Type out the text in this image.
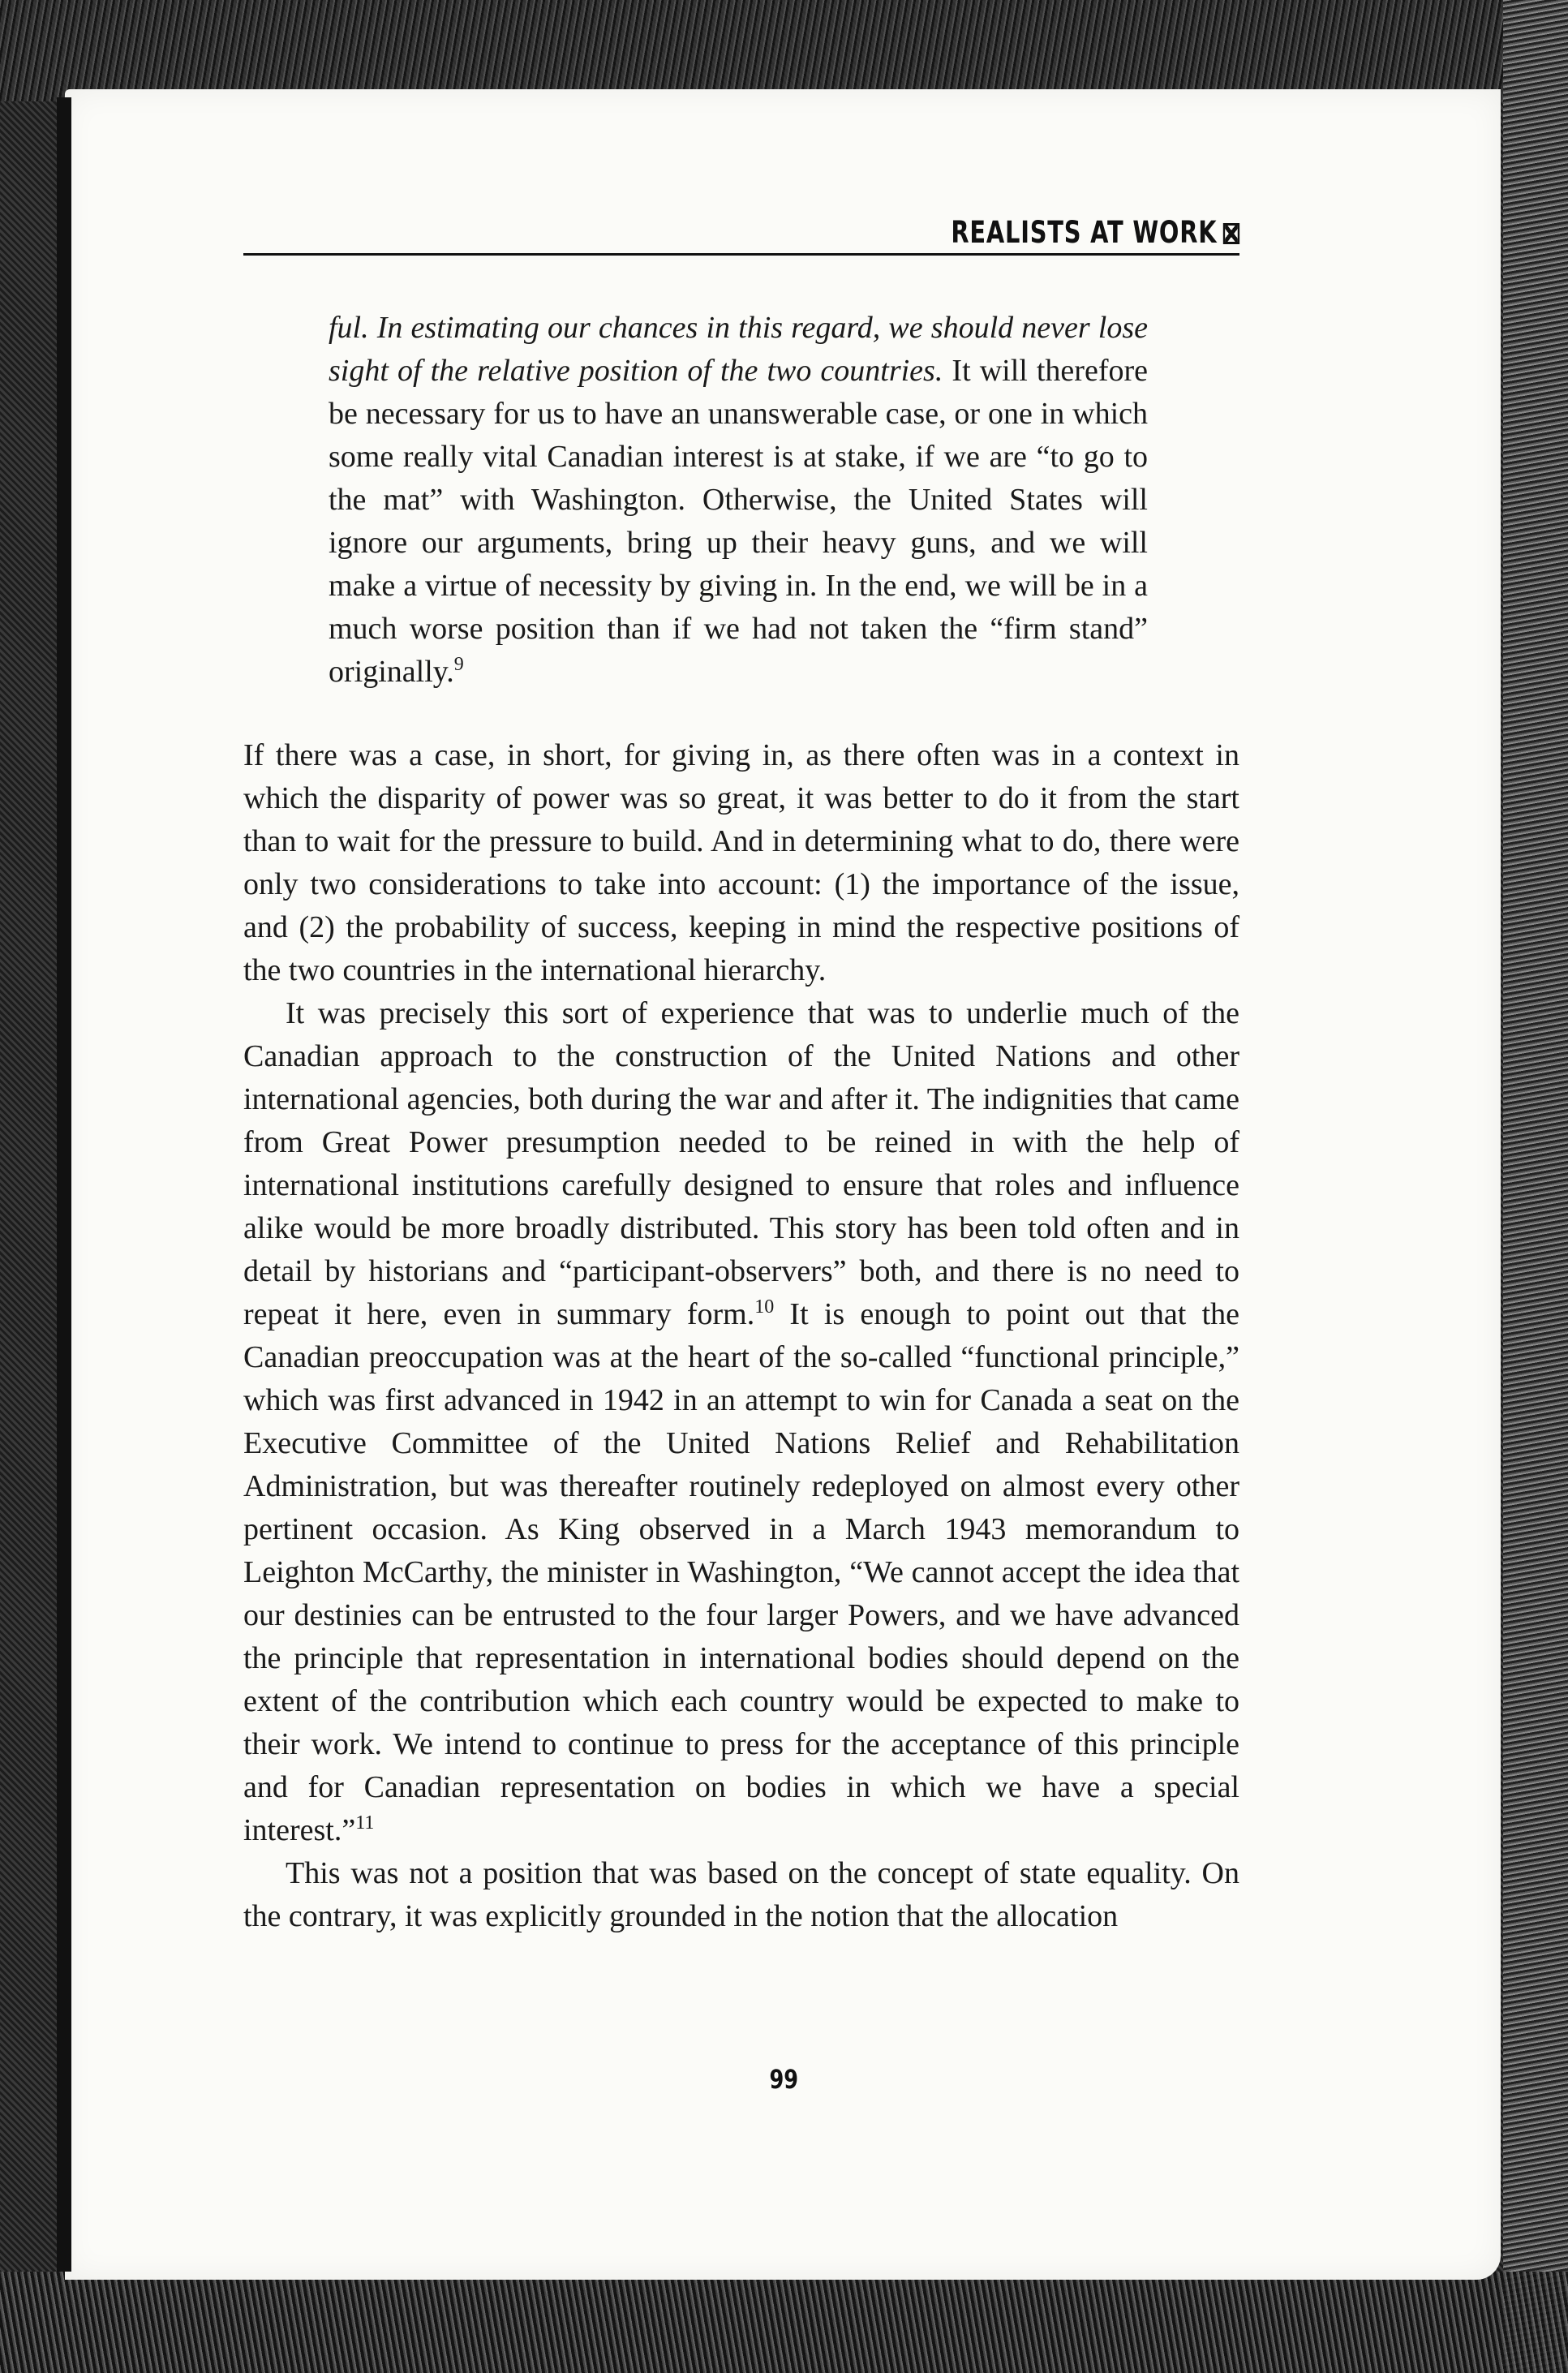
REALISTS AT WORK

ful. In estimating our chances in this regard, we should never lose sight of the relative position of the two countries. It will therefore be necessary for us to have an unanswerable case, or one in which some really vital Canadian interest is at stake, if we are “to go to the mat” with Washington. Otherwise, the United States will ignore our arguments, bring up their heavy guns, and we will make a virtue of necessity by giving in. In the end, we will be in a much worse position than if we had not taken the “firm stand” originally.$^9$

If there was a case, in short, for giving in, as there often was in a context in which the disparity of power was so great, it was better to do it from the start than to wait for the pressure to build. And in determining what to do, there were only two considerations to take into account: (1) the importance of the issue, and (2) the probability of success, keeping in mind the respective positions of the two countries in the international hierarchy.

It was precisely this sort of experience that was to underlie much of the Canadian approach to the construction of the United Nations and other international agencies, both during the war and after it. The indignities that came from Great Power presumption needed to be reined in with the help of international institutions carefully designed to ensure that roles and influence alike would be more broadly distributed. This story has been told often and in detail by historians and “participant-observers” both, and there is no need to repeat it here, even in summary form.$^{10}$ It is enough to point out that the Canadian preoccupation was at the heart of the so-called “functional principle,” which was first advanced in 1942 in an attempt to win for Canada a seat on the Executive Committee of the United Nations Relief and Rehabilitation Administration, but was thereafter routinely redeployed on almost every other pertinent occasion. As King observed in a March 1943 memorandum to Leighton McCarthy, the minister in Washington, “We cannot accept the idea that our destinies can be entrusted to the four larger Powers, and we have advanced the principle that representation in international bodies should depend on the extent of the contribution which each country would be expected to make to their work. We intend to continue to press for the acceptance of this principle and for Canadian representation on bodies in which we have a special interest.”$^{11}$

This was not a position that was based on the concept of state equality. On the contrary, it was explicitly grounded in the notion that the allocation

99
